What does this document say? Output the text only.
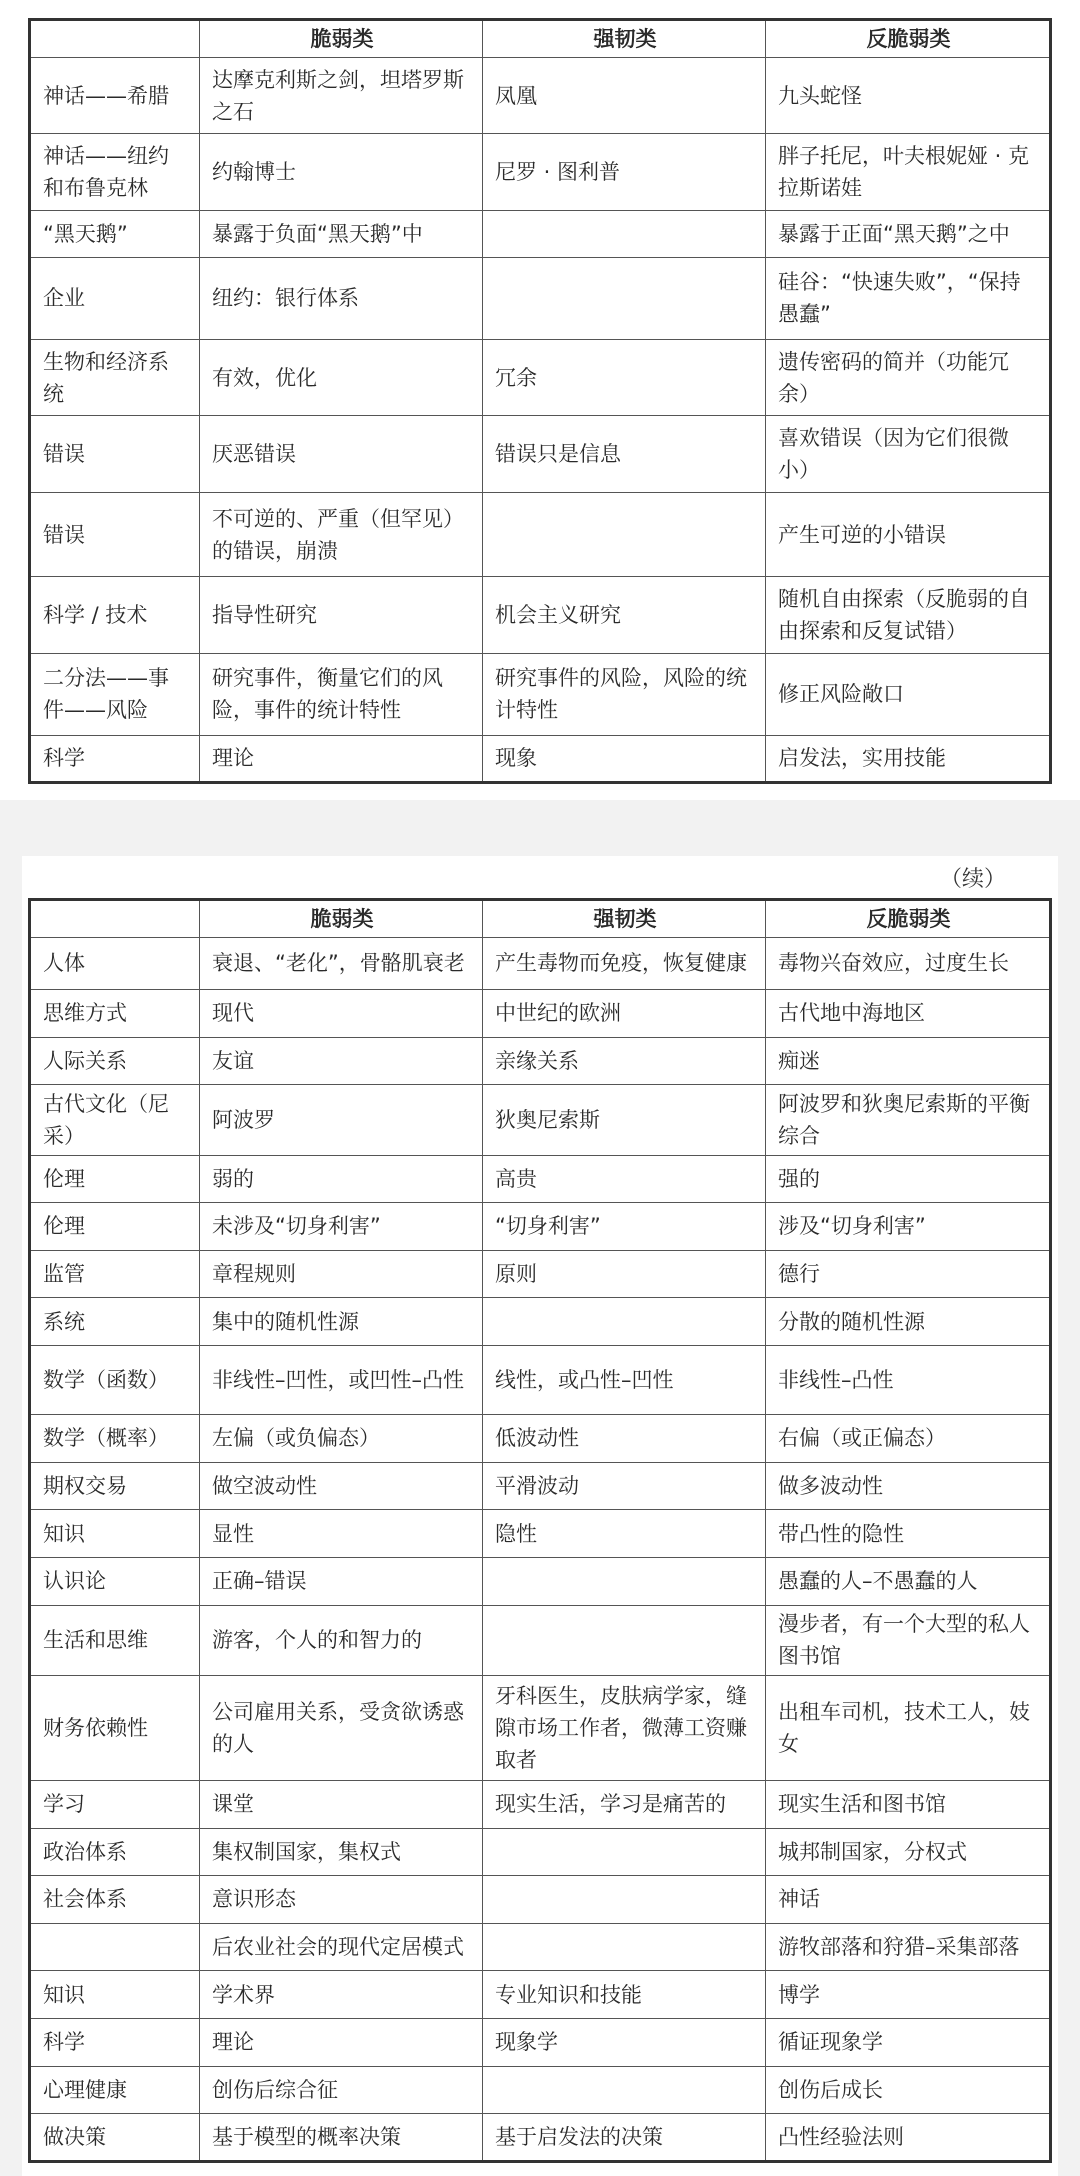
	脆弱类	强韧类	反脆弱类
神话——希腊	达摩克利斯之剑，坦塔罗斯之石	凤凰	九头蛇怪
神话——纽约和布鲁克林	约翰博士	尼罗 · 图利普	胖子托尼，叶夫根妮娅 · 克拉斯诺娃
“黑天鹅”	暴露于负面“黑天鹅”中		暴露于正面“黑天鹅”之中
企业	纽约：银行体系		硅谷：“快速失败”，“保持愚蠢”
生物和经济系统	有效，优化	冗余	遗传密码的简并（功能冗余）
错误	厌恶错误	错误只是信息	喜欢错误（因为它们很微小）
错误	不可逆的、严重（但罕见）的错误，崩溃		产生可逆的小错误
科学 / 技术	指导性研究	机会主义研究	随机自由探索（反脆弱的自由探索和反复试错）
二分法——事件——风险	研究事件，衡量它们的风险，事件的统计特性	研究事件的风险，风险的统计特性	修正风险敞口
科学	理论	现象	启发法，实用技能
（续）
	脆弱类	强韧类	反脆弱类
人体	衰退、“老化”，骨骼肌衰老	产生毒物而免疫，恢复健康	毒物兴奋效应，过度生长
思维方式	现代	中世纪的欧洲	古代地中海地区
人际关系	友谊	亲缘关系	痴迷
古代文化（尼采）	阿波罗	狄奥尼索斯	阿波罗和狄奥尼索斯的平衡综合
伦理	弱的	高贵	强的
伦理	未涉及“切身利害”	“切身利害”	涉及“切身利害”
监管	章程规则	原则	德行
系统	集中的随机性源		分散的随机性源
数学（函数）	非线性–凹性，或凹性–凸性	线性，或凸性–凹性	非线性–凸性
数学（概率）	左偏（或负偏态）	低波动性	右偏（或正偏态）
期权交易	做空波动性	平滑波动	做多波动性
知识	显性	隐性	带凸性的隐性
认识论	正确–错误		愚蠢的人–不愚蠢的人
生活和思维	游客，个人的和智力的		漫步者，有一个大型的私人图书馆
财务依赖性	公司雇用关系，受贪欲诱惑的人	牙科医生，皮肤病学家，缝隙市场工作者，微薄工资赚取者	出租车司机，技术工人，妓女
学习	课堂	现实生活，学习是痛苦的	现实生活和图书馆
政治体系	集权制国家，集权式		城邦制国家，分权式
社会体系	意识形态		神话
	后农业社会的现代定居模式		游牧部落和狩猎–采集部落
知识	学术界	专业知识和技能	博学
科学	理论	现象学	循证现象学
心理健康	创伤后综合征		创伤后成长
做决策	基于模型的概率决策	基于启发法的决策	凸性经验法则
